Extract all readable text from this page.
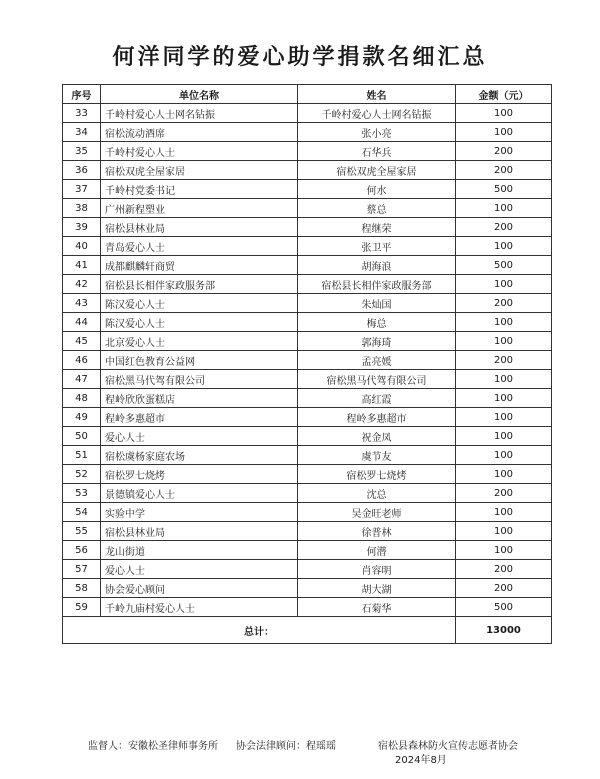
何洋同学的爱心助学捐款名细汇总
序号	单位名称	姓名	金额（元）
33	千岭村爱心人士网名钻振	千岭村爱心人士网名钻振	100
34	宿松流动酒席	张小亮	100
35	千岭村爱心人士	石华兵	200
36	宿松双虎全屋家居	宿松双虎全屋家居	200
37	千岭村党委书记	何水	500
38	广州新程塑业	蔡总	100
39	宿松县林业局	程继荣	200
40	青岛爱心人士	张卫平	100
41	成都麒麟轩商贸	胡海浪	500
42	宿松县长相伴家政服务部	宿松县长相伴家政服务部	100
43	陈汉爱心人士	朱灿国	200
44	陈汉爱心人士	梅总	100
45	北京爱心人士	郭海琦	100
46	中国红色教育公益网	孟亮媛	200
47	宿松黑马代驾有限公司	宿松黑马代驾有限公司	100
48	程岭欣欣蛋糕店	高红霞	100
49	程岭多惠超市	程岭多惠超市	100
50	爱心人士	祝金凤	100
51	宿松虞杨家庭农场	虞节友	100
52	宿松罗七烧烤	宿松罗七烧烤	100
53	景德镇爱心人士	沈总	200
54	实验中学	吴金旺老师	100
55	宿松县林业局	徐普林	100
56	龙山街道	何潜	100
57	爱心人士	肖容明	200
58	协会爱心顾问	胡大湖	200
59	千岭九庙村爱心人士	石菊华	500
总计：			13000
监督人：安徽松圣律师事务所 协会法律顾问：程瑶瑶	宿松县森林防火宣传志愿者协会
2024年8月
